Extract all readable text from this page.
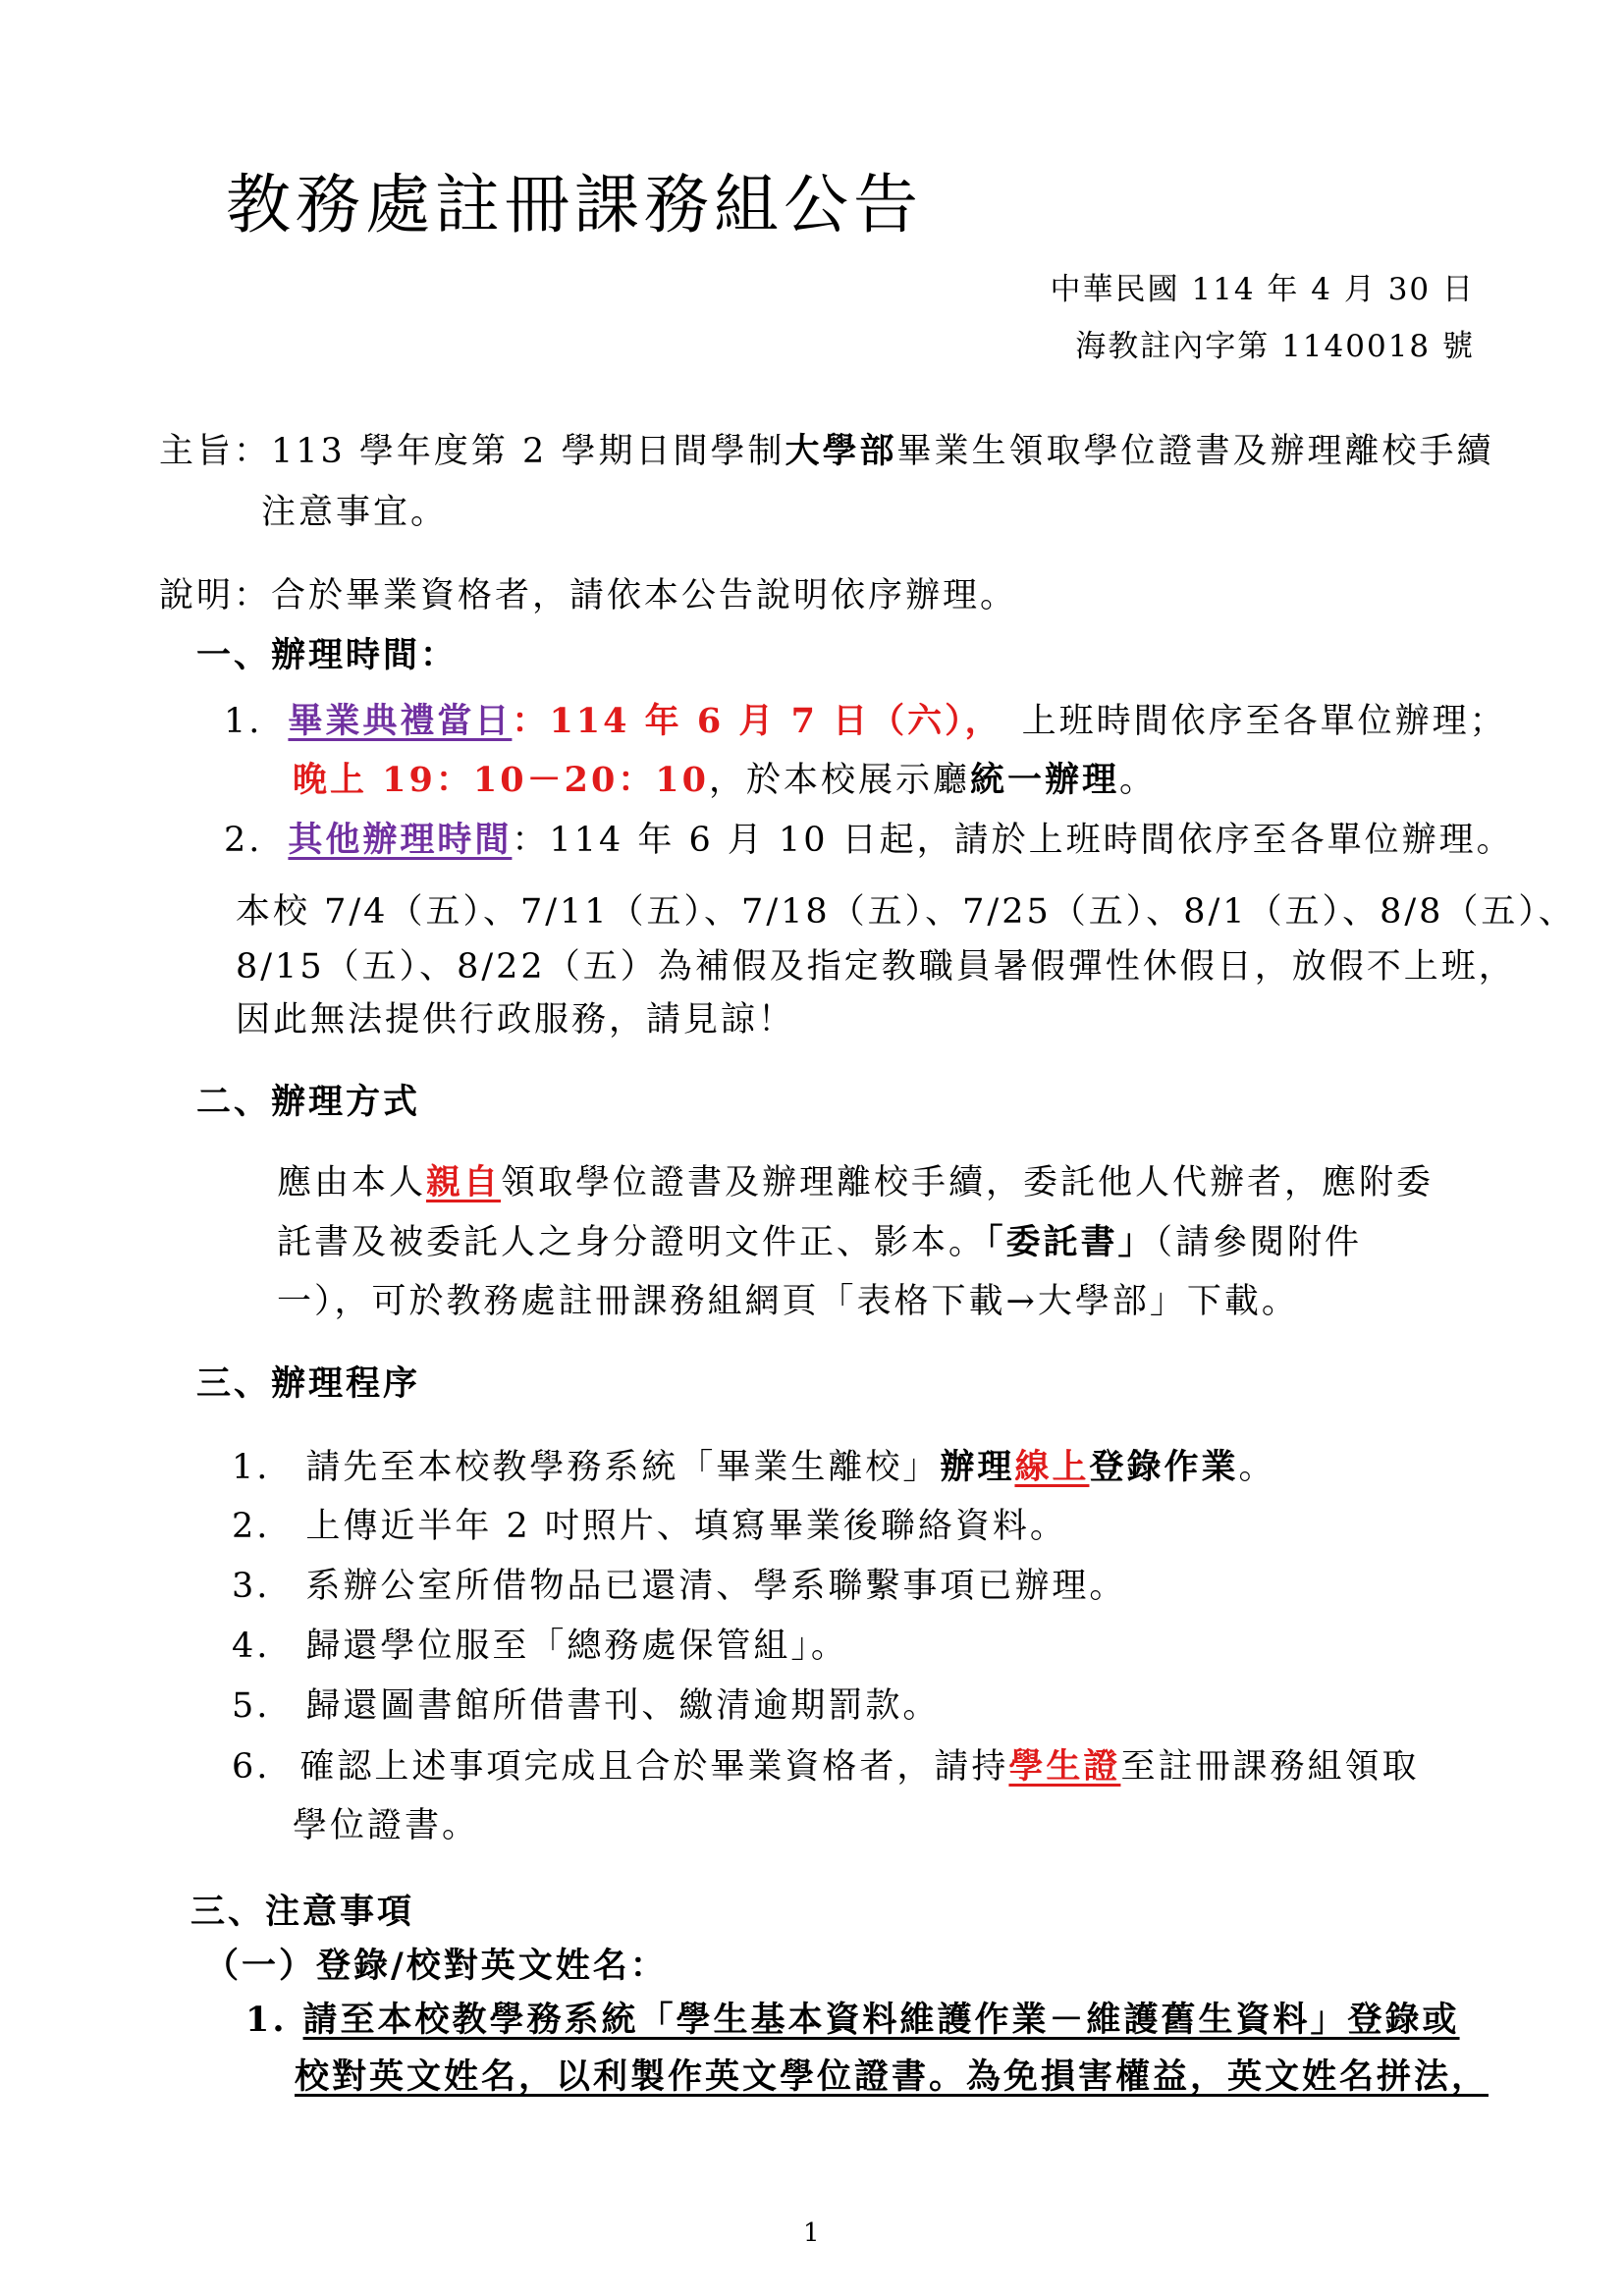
教務處註冊課務組公告
中華民國 114 年 4 月 30 日
海教註內字第 1140018 號
主旨：113 學年度第 2 學期日間學制大學部畢業生領取學位證書及辦理離校手續
注意事宜。
說明：合於畢業資格者，請依本公告說明依序辦理。
一、辦理時間：
1. 畢業典禮當日：114 年 6 月 7 日（六）， 上班時間依序至各單位辦理；
晚上 19：10－20：10，於本校展示廳統一辦理。
2. 其他辦理時間：114 年 6 月 10 日起，請於上班時間依序至各單位辦理。
本校 7/4（五）、7/11（五）、7/18（五）、7/25（五）、8/1（五）、8/8（五）、
8/15（五）、8/22（五）為補假及指定教職員暑假彈性休假日，放假不上班，
因此無法提供行政服務，請見諒！
二、辦理方式
應由本人親自領取學位證書及辦理離校手續，委託他人代辦者，應附委
託書及被委託人之身分證明文件正、影本。「委託書」（請參閱附件
一），可於教務處註冊課務組網頁「表格下載→大學部」下載。
三、辦理程序
1. 請先至本校教學務系統「畢業生離校」辦理線上登錄作業。
2. 上傳近半年 2 吋照片、填寫畢業後聯絡資料。
3. 系辦公室所借物品已還清、學系聯繫事項已辦理。
4. 歸還學位服至「總務處保管組」。
5. 歸還圖書館所借書刊、繳清逾期罰款。
6. 確認上述事項完成且合於畢業資格者，請持學生證至註冊課務組領取
學位證書。
三、注意事項
（一）登錄/校對英文姓名：
1. 請至本校教學務系統「學生基本資料維護作業－維護舊生資料」登錄或
校對英文姓名，以利製作英文學位證書。為免損害權益，英文姓名拼法，
1
